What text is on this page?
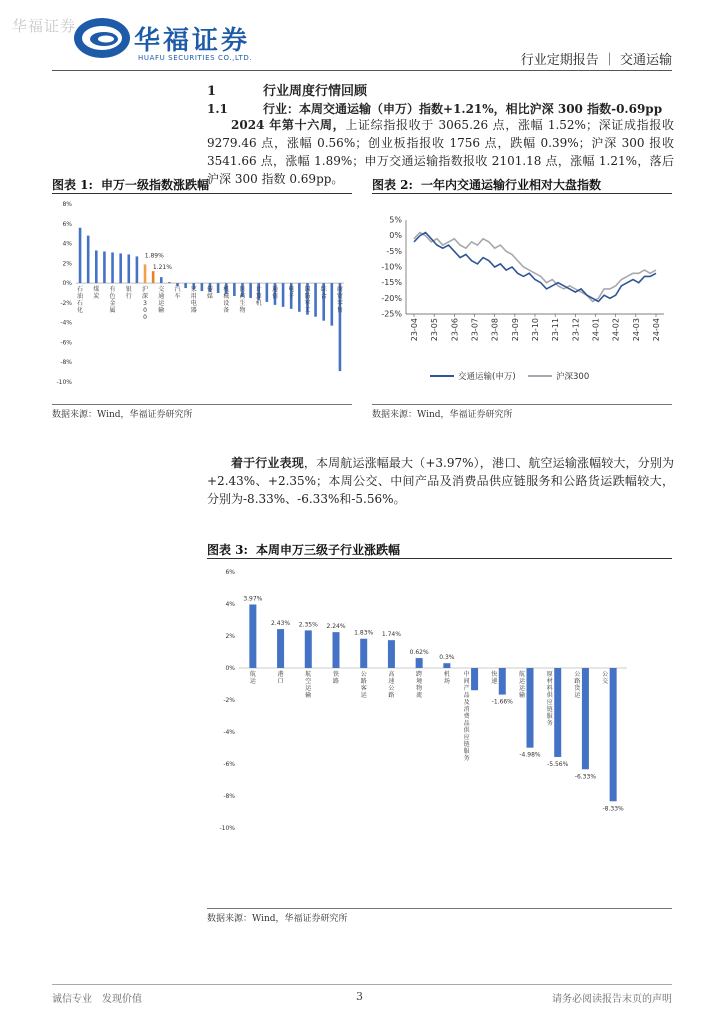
华福证券 华福证券
HUAFU SECURITIES CO.,LTD.	行业定期报告 ｜ 交通运输
1	行业周度行情回顾
1.1	行业：本周交通运输（申万）指数+1.21%，相比沪深 300 指数-0.69pp

2024 年第十六周，上证综指报收于 3065.26 点，涨幅 1.52%；深证成指报收 9279.46 点，涨幅 0.56%；创业板指报收 1756 点，跌幅 0.39%；沪深 300 报收 3541.66 点，涨幅 1.89%；申万交通运输指数报收 2101.18 点，涨幅 1.21%，落后沪深 300 指数 0.69pp。

图表 1: 申万一级指数涨跌幅
8%
6%
4%
2%
0%
-2%
-4%
-6%
-8%
-10%
石油石化
煤炭
有色金属
银行
1.89%
沪深 3 0 0
1.21%
交通运输
汽车
家用电器
传媒
机械设备
医药生物
计算机
通信
电子
国防军工
综合
商贸零售
数据来源：Wind，华福证券研究所
图表 2: 一年内交通运输行业相对大盘指数
5%
0%
-5%
-10%
-15%
-20%
-25%
23-04 23-05 23-06 23-07 23-08 23-09 23-10 23-11 23-12 24-01 24-02 24-03 24-04
交通运输(申万)	沪深300
数据来源：Wind，华福证券研究所

着于行业表现，本周航运涨幅最大（+3.97%），港口、航空运输涨幅较大，分别为+2.43%、+2.35%；本周公交、中间产品及消费品供应链服务和公路货运跌幅较大，分别为-8.33%、-6.33%和-5.56%。

图表 3: 本周申万三级子行业涨跌幅
6%
4%
2%
0%
-2%
-4%
-6%
-8%
-10%
3.97%
航运
2.43%
港口
2.35%
航空运输
2.24%
铁路
1.83%
公路客运
1.74%
高速公路
0.62%
跨境物流
0.3%
机场
中间产品及消费品供应链服务
-1.66%
快递
-4.98%
航运运输
-5.56%
原材料供应链服务
-6.33%
公路货运
-8.33%
公交
数据来源：Wind，华福证券研究所
诚信专业　发现价值	3	请务必阅读报告末页的声明
